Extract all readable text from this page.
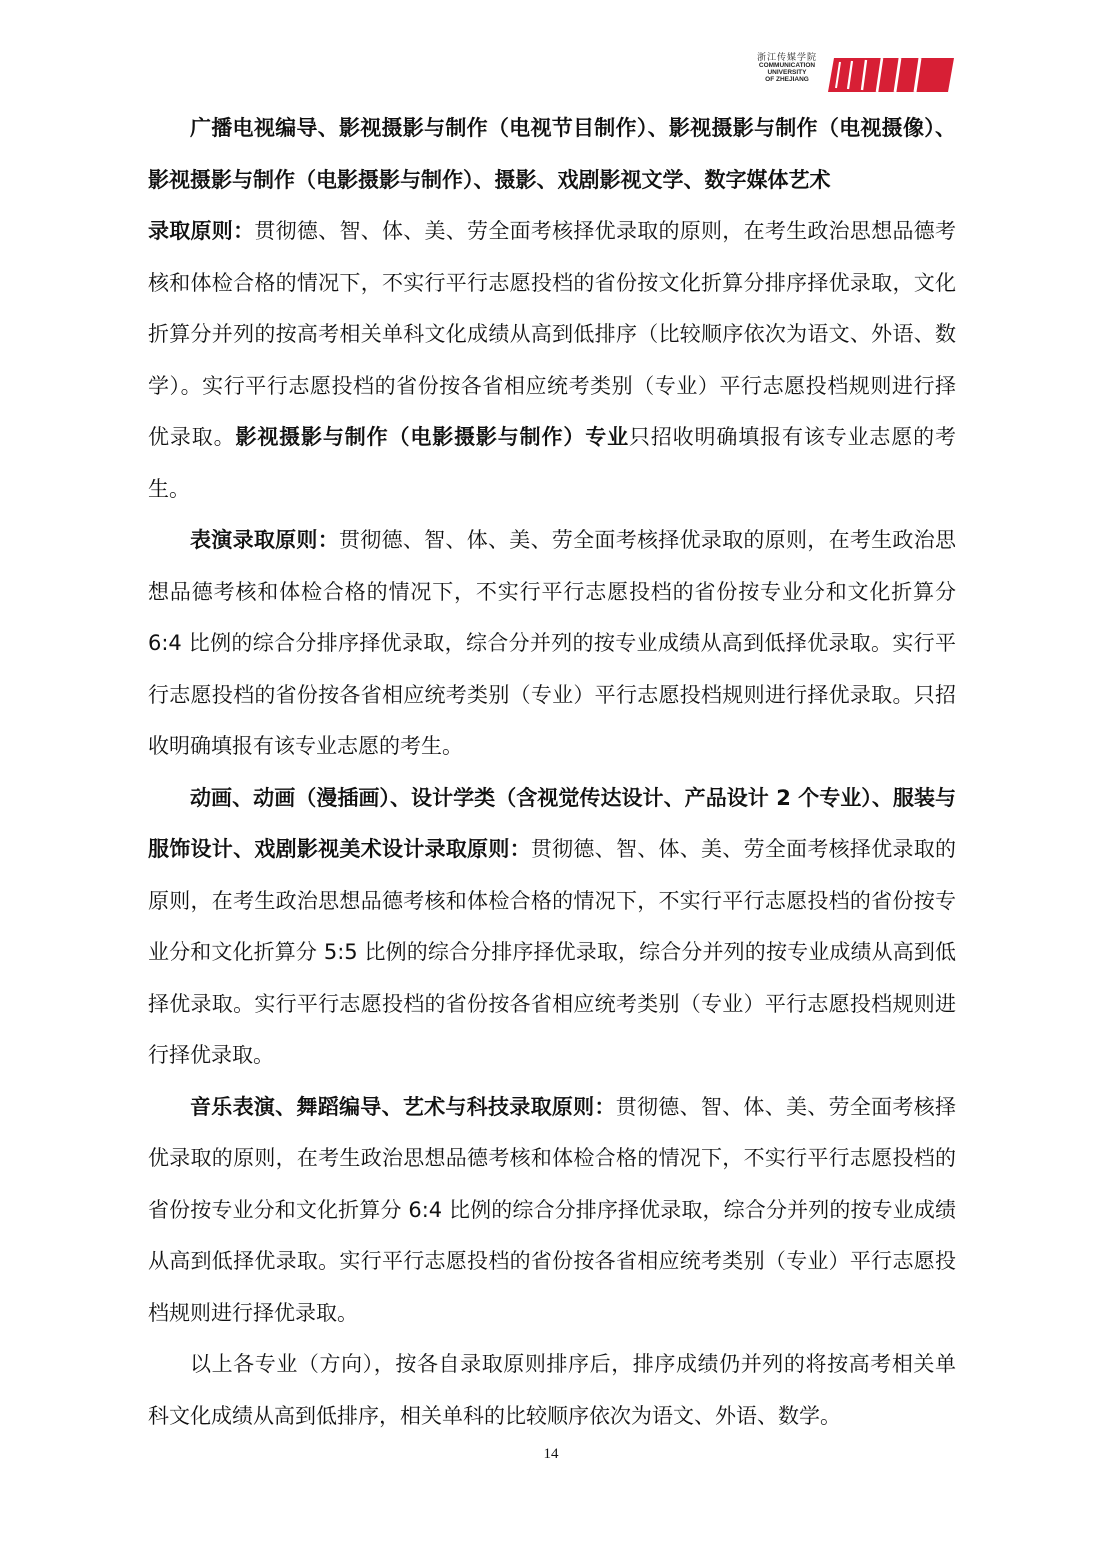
浙江传媒学院
COMMUNICATION
UNIVERSITY
OF ZHEJIANG

广播电视编导、影视摄影与制作（电视节目制作）、影视摄影与制作（电视摄像）、影视摄影与制作（电影摄影与制作）、摄影、戏剧影视文学、数字媒体艺术

录取原则：贯彻德、智、体、美、劳全面考核择优录取的原则，在考生政治思想品德考核和体检合格的情况下，不实行平行志愿投档的省份按文化折算分排序择优录取，文化折算分并列的按高考相关单科文化成绩从高到低排序（比较顺序依次为语文、外语、数学）。实行平行志愿投档的省份按各省相应统考类别（专业）平行志愿投档规则进行择优录取。影视摄影与制作（电影摄影与制作）专业只招收明确填报有该专业志愿的考生。

表演录取原则：贯彻德、智、体、美、劳全面考核择优录取的原则，在考生政治思想品德考核和体检合格的情况下，不实行平行志愿投档的省份按专业分和文化折算分 6:4 比例的综合分排序择优录取，综合分并列的按专业成绩从高到低择优录取。实行平行志愿投档的省份按各省相应统考类别（专业）平行志愿投档规则进行择优录取。只招收明确填报有该专业志愿的考生。

动画、动画（漫插画）、设计学类（含视觉传达设计、产品设计 2 个专业）、服装与服饰设计、戏剧影视美术设计录取原则：贯彻德、智、体、美、劳全面考核择优录取的原则，在考生政治思想品德考核和体检合格的情况下，不实行平行志愿投档的省份按专业分和文化折算分 5:5 比例的综合分排序择优录取，综合分并列的按专业成绩从高到低择优录取。实行平行志愿投档的省份按各省相应统考类别（专业）平行志愿投档规则进行择优录取。

音乐表演、舞蹈编导、艺术与科技录取原则：贯彻德、智、体、美、劳全面考核择优录取的原则，在考生政治思想品德考核和体检合格的情况下，不实行平行志愿投档的省份按专业分和文化折算分 6:4 比例的综合分排序择优录取，综合分并列的按专业成绩从高到低择优录取。实行平行志愿投档的省份按各省相应统考类别（专业）平行志愿投档规则进行择优录取。

以上各专业（方向），按各自录取原则排序后，排序成绩仍并列的将按高考相关单科文化成绩从高到低排序，相关单科的比较顺序依次为语文、外语、数学。

14
